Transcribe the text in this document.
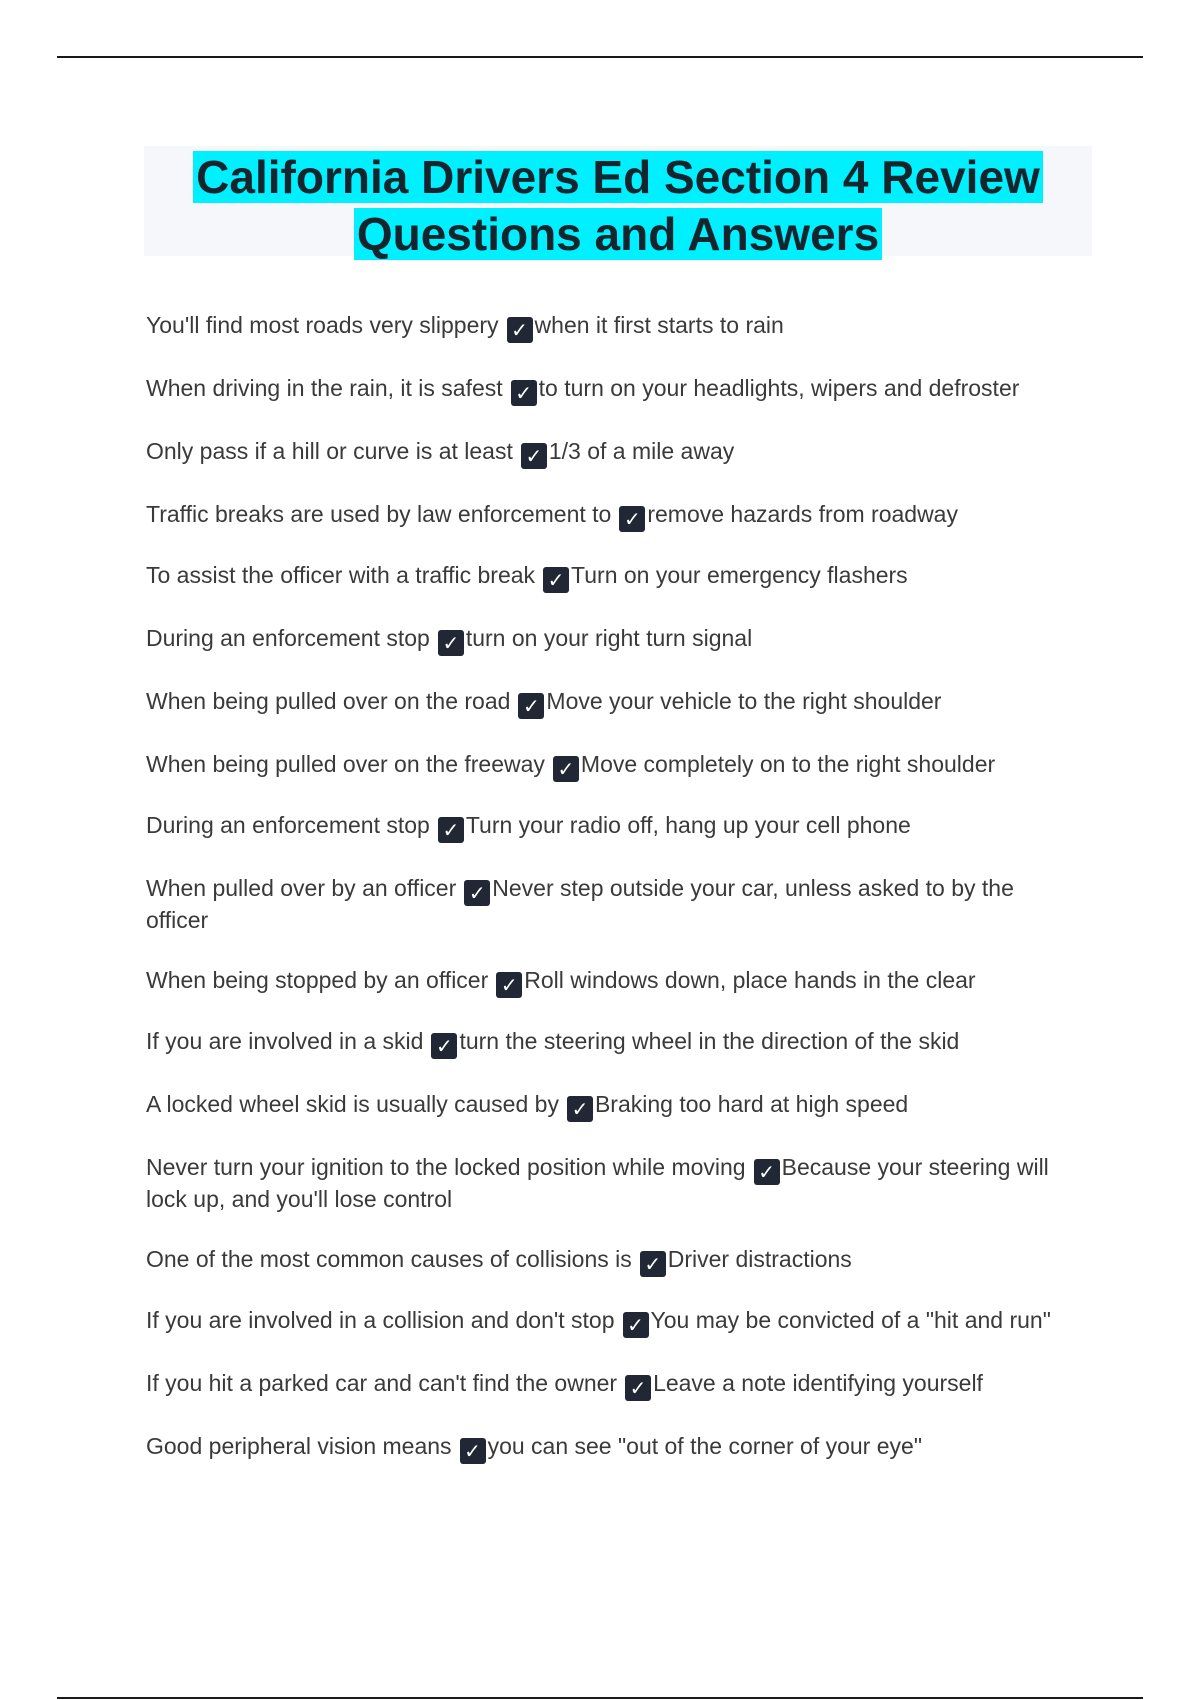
California Drivers Ed Section 4 Review
Questions and Answers

You'll find most roads very slippery ✓ when it first starts to rain

When driving in the rain, it is safest ✓ to turn on your headlights, wipers and defroster

Only pass if a hill or curve is at least ✓ 1/3 of a mile away

Traffic breaks are used by law enforcement to ✓ remove hazards from roadway

To assist the officer with a traffic break ✓ Turn on your emergency flashers

During an enforcement stop ✓ turn on your right turn signal

When being pulled over on the road ✓ Move your vehicle to the right shoulder

When being pulled over on the freeway ✓ Move completely on to the right shoulder

During an enforcement stop ✓ Turn your radio off, hang up your cell phone

When pulled over by an officer ✓ Never step outside your car, unless asked to by the officer

When being stopped by an officer ✓ Roll windows down, place hands in the clear

If you are involved in a skid ✓ turn the steering wheel in the direction of the skid

A locked wheel skid is usually caused by ✓ Braking too hard at high speed

Never turn your ignition to the locked position while moving ✓ Because your steering will lock up, and you'll lose control

One of the most common causes of collisions is ✓ Driver distractions

If you are involved in a collision and don't stop ✓ You may be convicted of a "hit and run"

If you hit a parked car and can't find the owner ✓ Leave a note identifying yourself

Good peripheral vision means ✓ you can see "out of the corner of your eye"
